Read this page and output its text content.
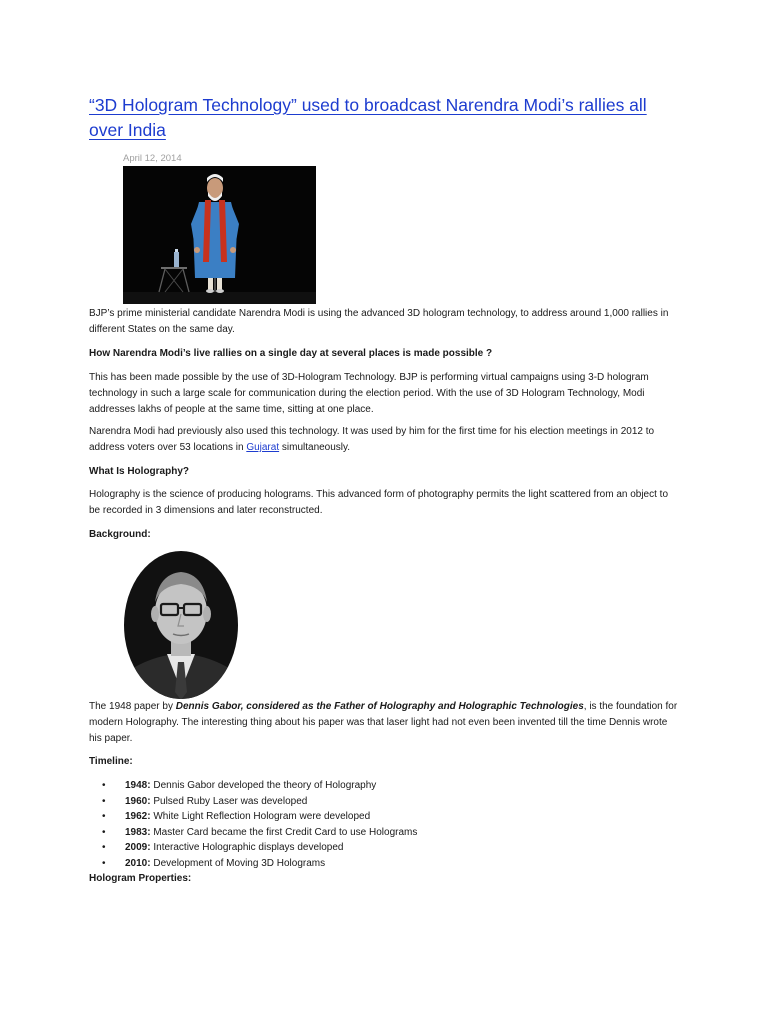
“3D Hologram Technology” used to broadcast Narendra Modi’s rallies all over India
April 12, 2014

BJP’s prime ministerial candidate Narendra Modi is using the advanced 3D hologram technology, to address around 1,000 rallies in different States on the same day.

How Narendra Modi’s live rallies on a single day at several places is made possible ?

This has been made possible by the use of 3D-Hologram Technology. BJP is performing virtual campaigns using 3-D hologram technology in such a large scale for communication during the election period. With the use of 3D Hologram Technology, Modi addresses lakhs of people at the same time, sitting at one place.

Narendra Modi had previously also used this technology. It was used by him for the first time for his election meetings in 2012 to address voters over 53 locations in Gujarat simultaneously.

What Is Holography?

Holography is the science of producing holograms. This advanced form of photography permits the light scattered from an object to be recorded in 3 dimensions and later reconstructed.

Background:

The 1948 paper by Dennis Gabor, considered as the Father of Holography and Holographic Technologies, is the foundation for modern Holography. The interesting thing about his paper was that laser light had not even been invented till the time Dennis wrote his paper.

Timeline:

• 1948: Dennis Gabor developed the theory of Holography
• 1960: Pulsed Ruby Laser was developed
• 1962: White Light Reflection Hologram were developed
• 1983: Master Card became the first Credit Card to use Holograms
• 2009: Interactive Holographic displays developed
• 2010: Development of Moving 3D Holograms

Hologram Properties:
